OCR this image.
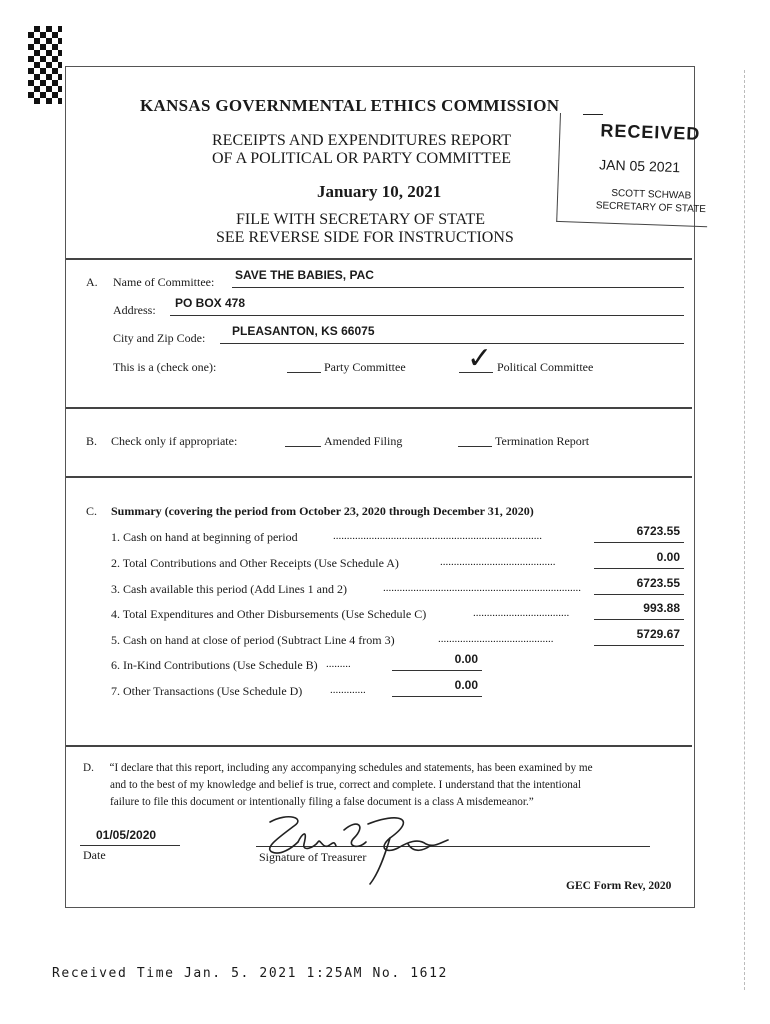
KANSAS GOVERNMENTAL ETHICS COMMISSION
RECEIPTS AND EXPENDITURES REPORT
OF A POLITICAL OR PARTY COMMITTEE
January 10, 2021
FILE WITH SECRETARY OF STATE
SEE REVERSE SIDE FOR INSTRUCTIONS
RECEIVED
JAN 05 2021
SCOTT SCHWAB
SECRETARY OF STATE
A. Name of Committee: SAVE THE BABIES, PAC
Address: PO BOX 478
City and Zip Code: PLEASANTON, KS 66075
This is a (check one):	Party Committee ✓ Political Committee
B. Check only if appropriate:	Amended Filing	Termination Report
C. Summary (covering the period from October 23, 2020 through December 31, 2020)
1. Cash on hand at beginning of period	............................................................................	6723.55
2. Total Contributions and Other Receipts (Use Schedule A)	..........................................	0.00
3. Cash available this period (Add Lines 1 and 2)	........................................................................	6723.55
4. Total Expenditures and Other Disbursements (Use Schedule C)	...................................	993.88
5. Cash on hand at close of period (Subtract Line 4 from 3)	..........................................	5729.67
6. In-Kind Contributions (Use Schedule B) .........	0.00
7. Other Transactions (Use Schedule D)	.............	0.00
D. “I declare that this report, including any accompanying schedules and statements, has been examined by me
and to the best of my knowledge and belief is true, correct and complete. I understand that the intentional
failure to file this document or intentionally filing a false document is a class A misdemeanor.”
01/05/2020
Date	Signature of Treasurer
GEC Form Rev, 2020
Received Time Jan. 5. 2021 1:25AM No. 1612
